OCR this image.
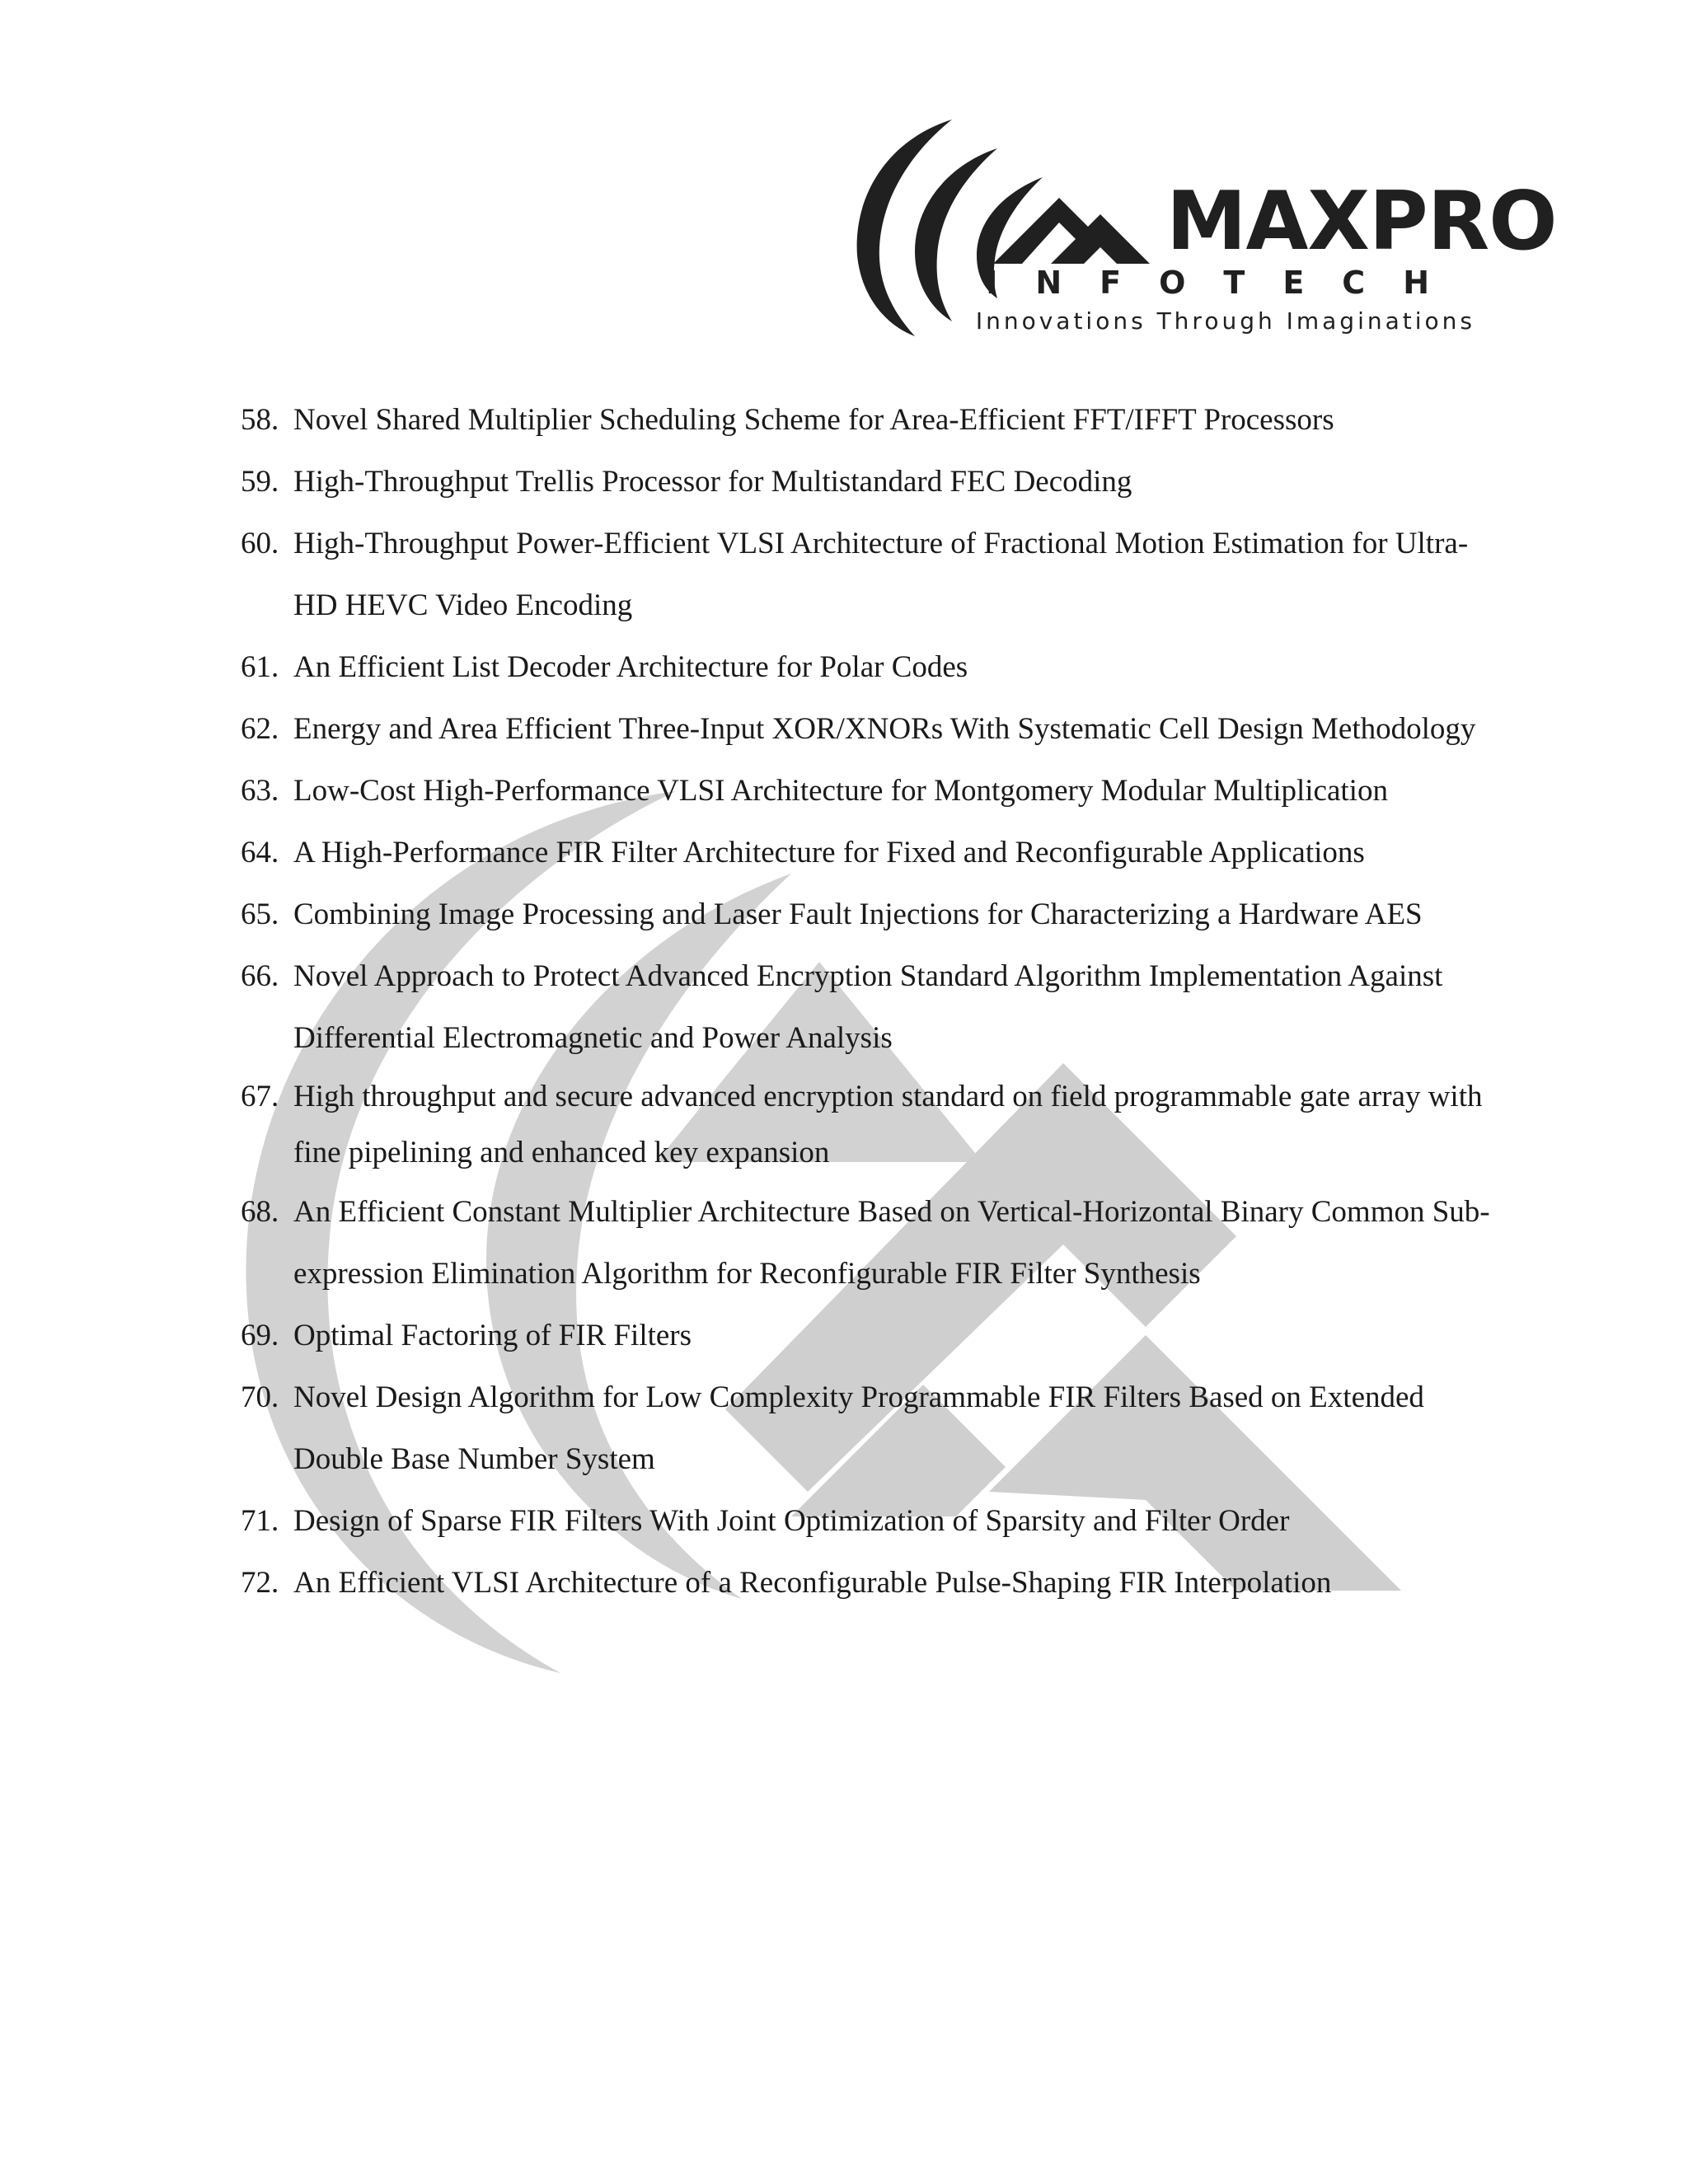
MAXPRO
INFOTECH
Innovations Through Imaginations
58. Novel Shared Multiplier Scheduling Scheme for Area-Efficient FFT/IFFT Processors
59. High-Throughput Trellis Processor for Multistandard FEC Decoding
60. High-Throughput Power-Efficient VLSI Architecture of Fractional Motion Estimation for Ultra-HD HEVC Video Encoding
61. An Efficient List Decoder Architecture for Polar Codes
62. Energy and Area Efficient Three-Input XOR/XNORs With Systematic Cell Design Methodology
63. Low-Cost High-Performance VLSI Architecture for Montgomery Modular Multiplication
64. A High-Performance FIR Filter Architecture for Fixed and Reconfigurable Applications
65. Combining Image Processing and Laser Fault Injections for Characterizing a Hardware AES
66. Novel Approach to Protect Advanced Encryption Standard Algorithm Implementation Against Differential Electromagnetic and Power Analysis
67. High throughput and secure advanced encryption standard on field programmable gate array with fine pipelining and enhanced key expansion
68. An Efficient Constant Multiplier Architecture Based on Vertical-Horizontal Binary Common Sub-expression Elimination Algorithm for Reconfigurable FIR Filter Synthesis
69. Optimal Factoring of FIR Filters
70. Novel Design Algorithm for Low Complexity Programmable FIR Filters Based on Extended Double Base Number System
71. Design of Sparse FIR Filters With Joint Optimization of Sparsity and Filter Order
72. An Efficient VLSI Architecture of a Reconfigurable Pulse-Shaping FIR Interpolation
